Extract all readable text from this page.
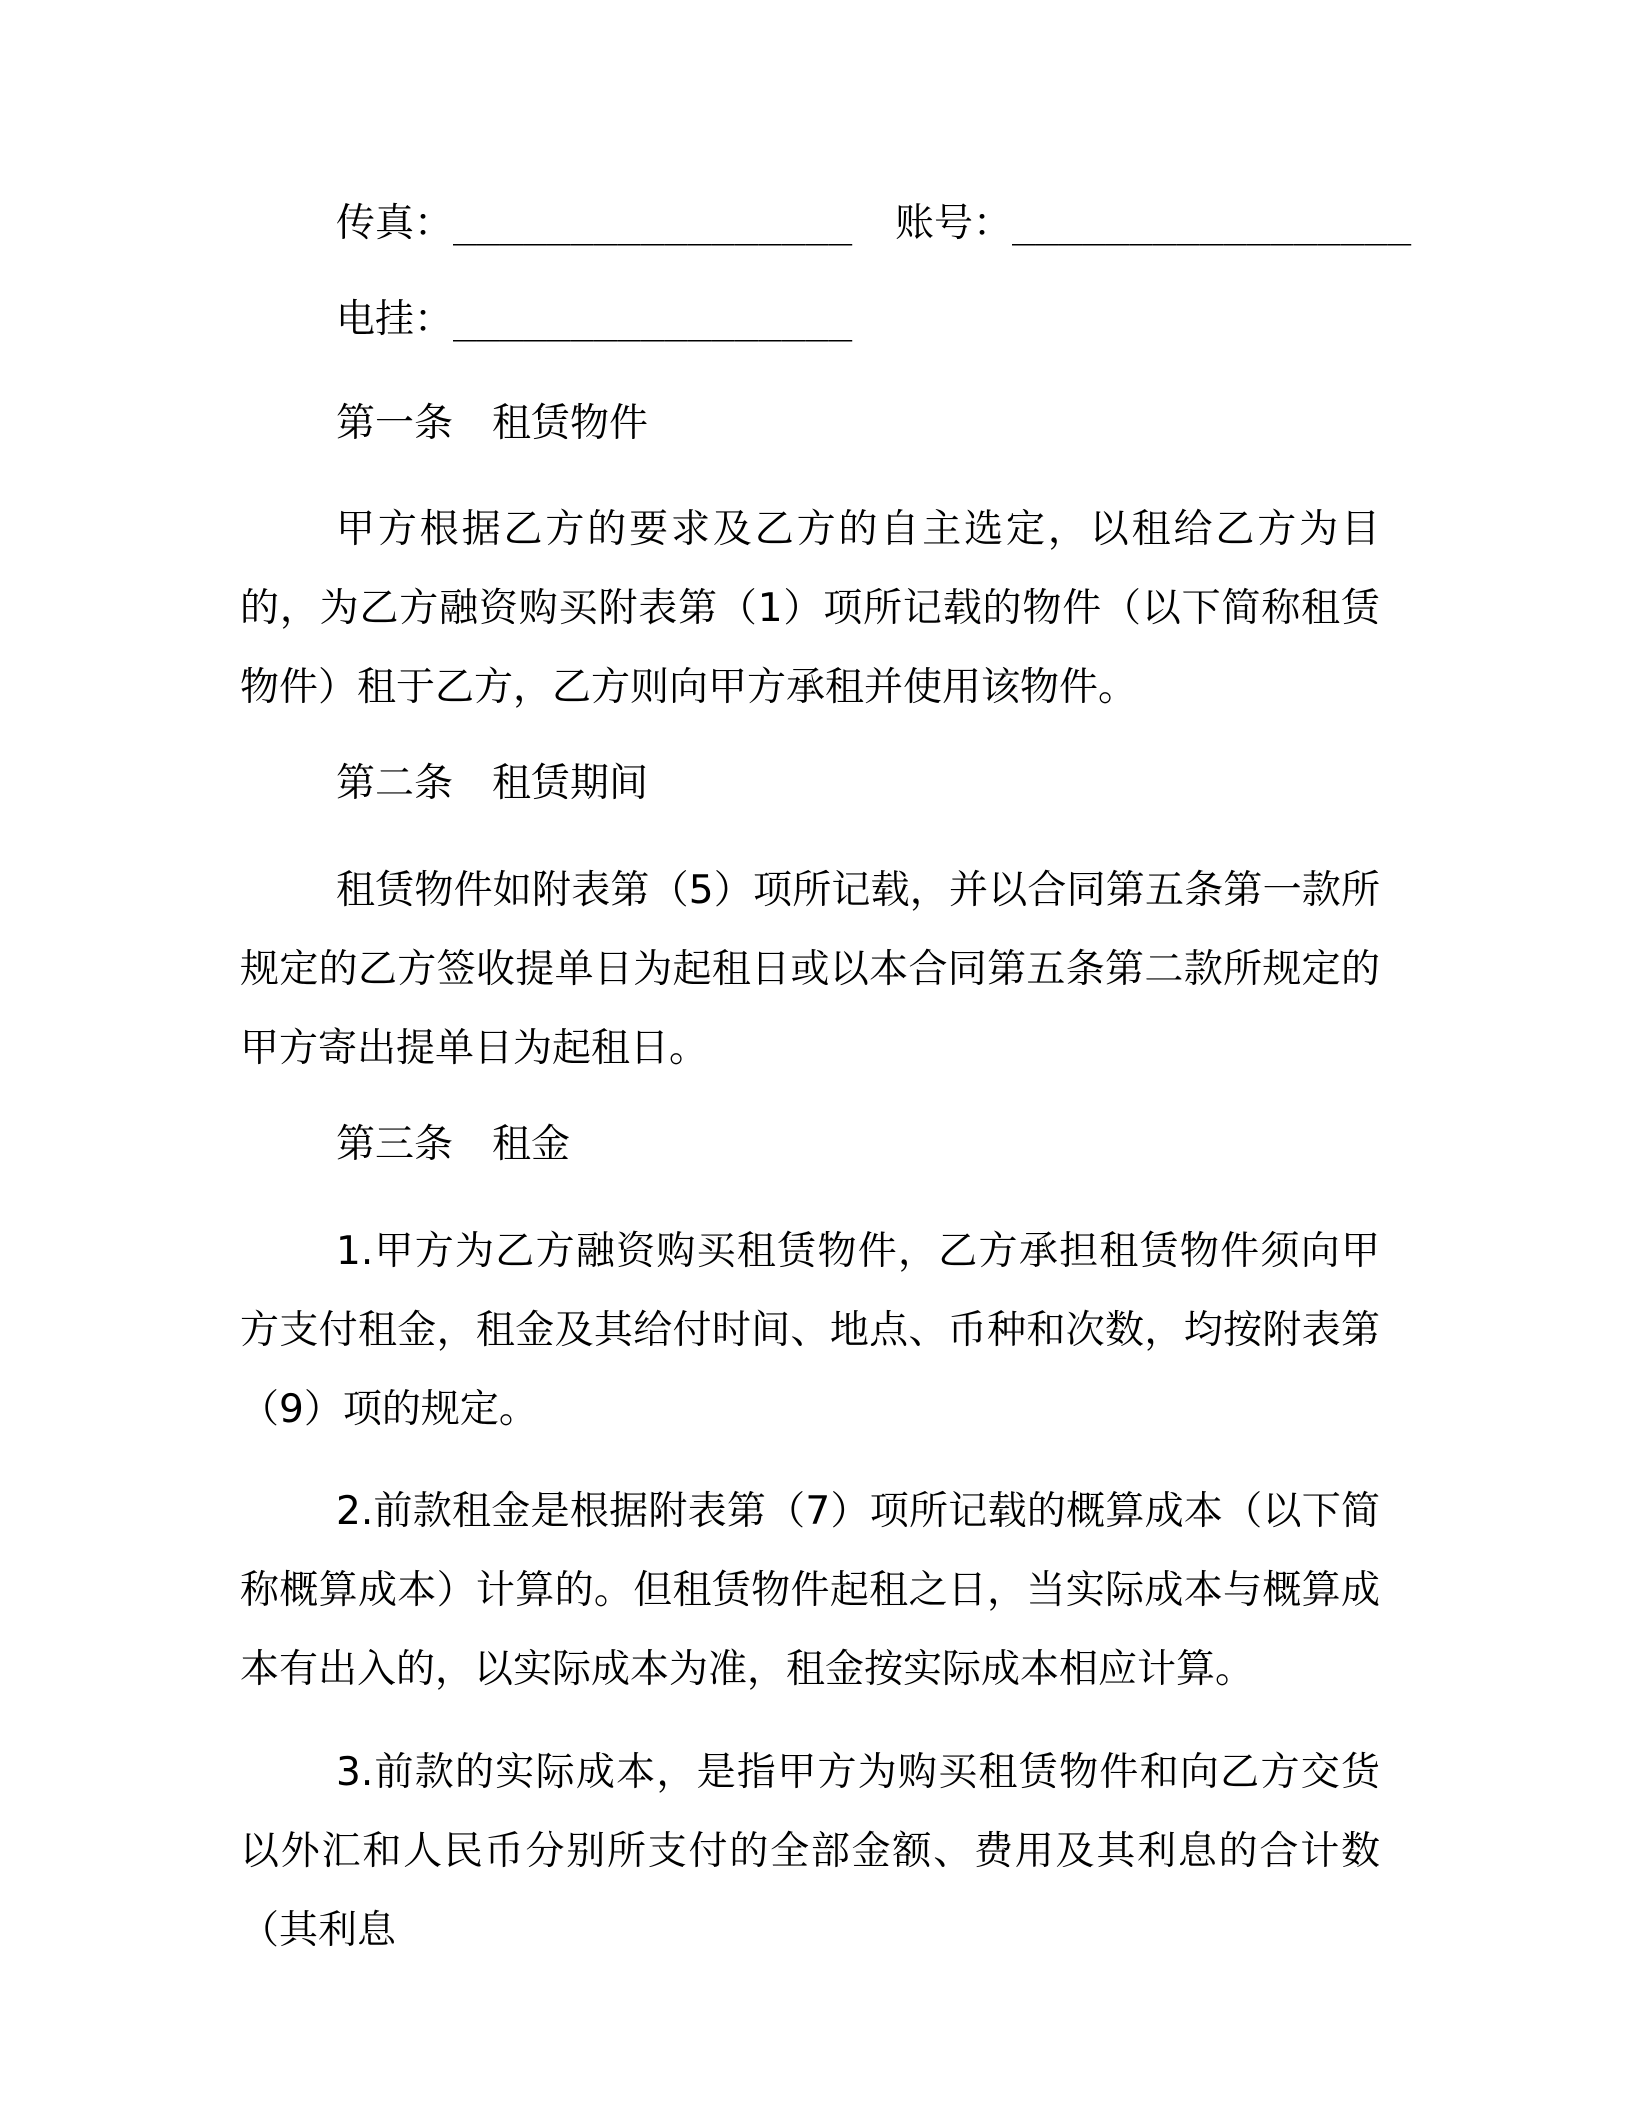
传真：_________________ 账号：_________________
电挂：_________________
第一条 租赁物件

甲方根据乙方的要求及乙方的自主选定，以租给乙方为目的，为乙方融资购买附表第（1）项所记载的物件（以下简称租赁物件）租于乙方，乙方则向甲方承租并使用该物件。

第二条 租赁期间

租赁物件如附表第（5）项所记载，并以合同第五条第一款所规定的乙方签收提单日为起租日或以本合同第五条第二款所规定的甲方寄出提单日为起租日。

第三条 租金

1.甲方为乙方融资购买租赁物件，乙方承担租赁物件须向甲方支付租金，租金及其给付时间、地点、币种和次数，均按附表第（9）项的规定。

2.前款租金是根据附表第（7）项所记载的概算成本（以下简称概算成本）计算的。但租赁物件起租之日，当实际成本与概算成本有出入的，以实际成本为准，租金按实际成本相应计算。

3.前款的实际成本，是指甲方为购买租赁物件和向乙方交货以外汇和人民币分别所支付的全部金额、费用及其利息的合计数（其利息
